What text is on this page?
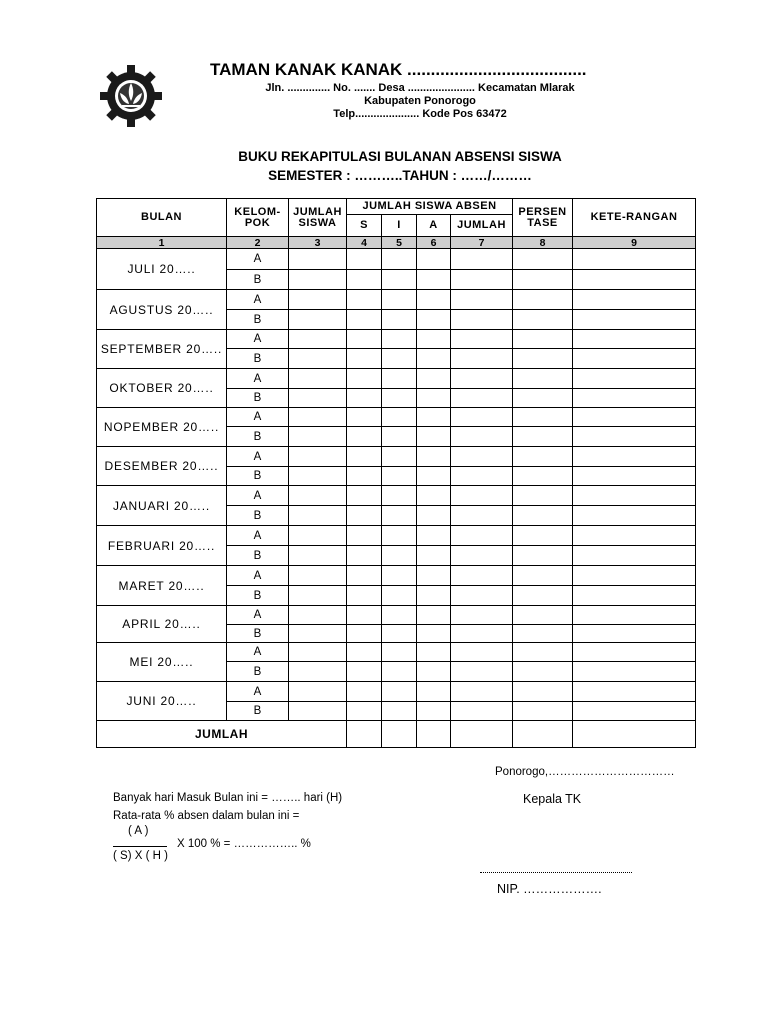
TAMAN KANAK KANAK ......................................
Jln. .............. No. ....... Desa ...................... Kecamatan Mlarak
Kabupaten Ponorogo
Telp..................... Kode Pos 63472
BUKU REKAPITULASI BULANAN ABSENSI SISWA
SEMESTER : ………..TAHUN : ……/………
BULAN	KELOM-POK	JUMLAH SISWA	JUMLAH SISWA ABSEN				PERSEN TASE	KETE-RANGAN
			S	I	A	JUMLAH		
1	2	3	4	5	6	7	8	9
JULI 20…..	A							
	B							
AGUSTUS 20…..	A							
	B							
SEPTEMBER 20…..	A							
	B							
OKTOBER 20…..	A							
	B							
NOPEMBER 20…..	A							
	B							
DESEMBER 20…..	A							
	B							
JANUARI 20…..	A							
	B							
FEBRUARI 20…..	A							
	B							
MARET 20…..	A							
	B							
APRIL 20…..	A							
	B							
MEI 20…..	A							
	B							
JUNI 20…..	A							
	B							
JUMLAH								
Ponorogo,……………………………
Kepala TK
Banyak hari Masuk Bulan ini = …….. hari (H)
Rata-rata % absen dalam bulan ini =
( A )
( S) X ( H )
X 100 % = …………….. %
NIP. ……………….
